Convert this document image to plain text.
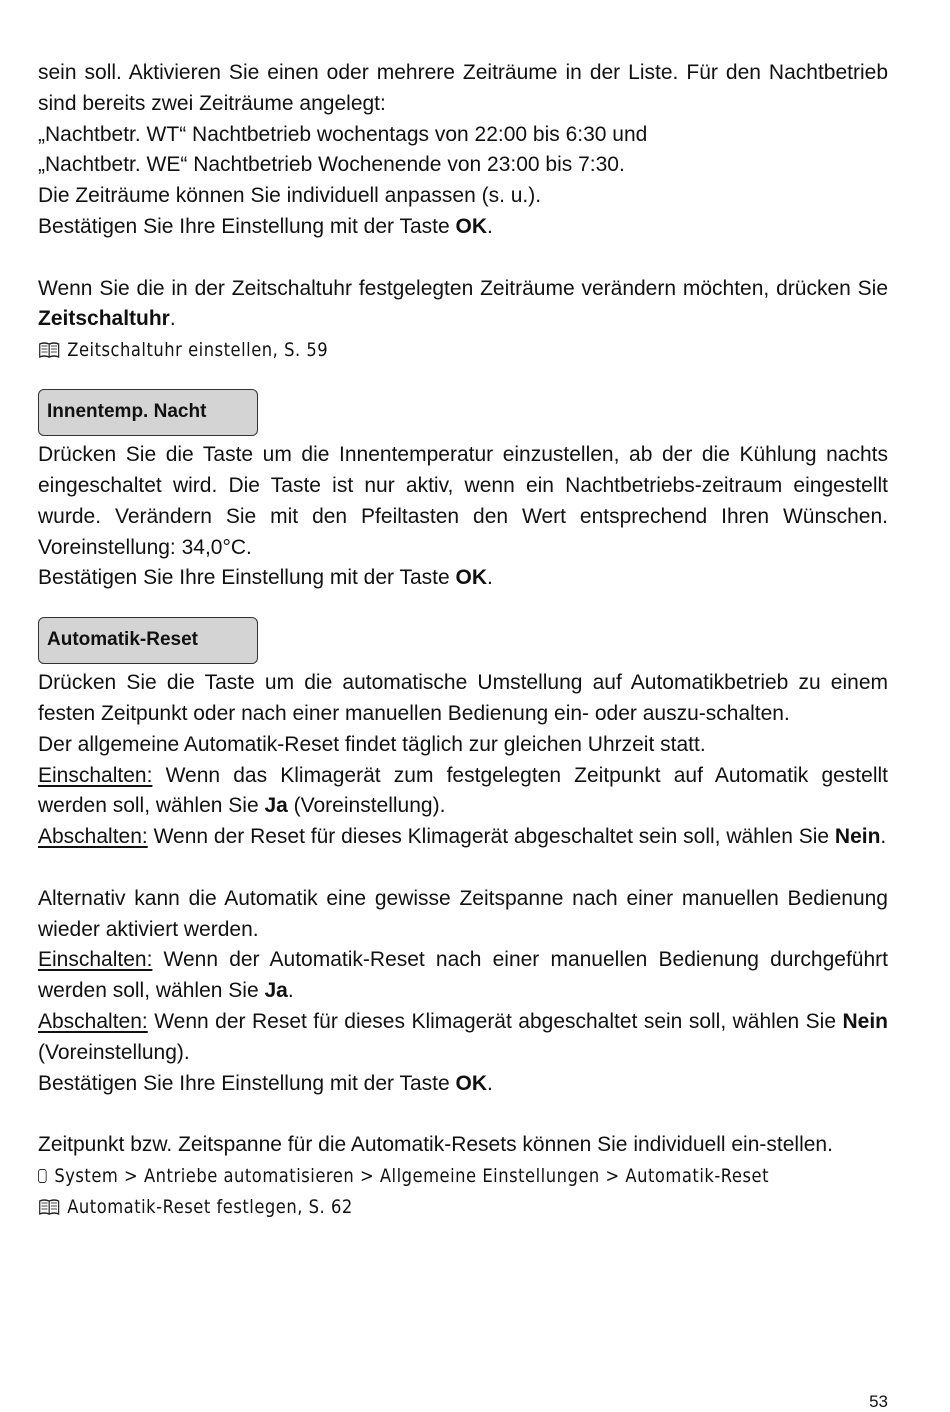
sein soll. Aktivieren Sie einen oder mehrere Zeiträume in der Liste. Für den Nachtbetrieb sind bereits zwei Zeiträume angelegt:

„Nachtbetr. WT“ Nachtbetrieb wochentags von 22:00 bis 6:30 und

„Nachtbetr. WE“ Nachtbetrieb Wochenende von 23:00 bis 7:30.

Die Zeiträume können Sie individuell anpassen (s. u.).

Bestätigen Sie Ihre Einstellung mit der Taste OK.

Wenn Sie die in der Zeitschaltuhr festgelegten Zeiträume verändern möchten, drücken Sie Zeitschaltuhr.

Zeitschaltuhr einstellen, S. 59
Innentemp. Nacht

Drücken Sie die Taste um die Innentemperatur einzustellen, ab der die Kühlung nachts eingeschaltet wird. Die Taste ist nur aktiv, wenn ein Nachtbetriebs-zeitraum eingestellt wurde. Verändern Sie mit den Pfeiltasten den Wert entsprechend Ihren Wünschen. Voreinstellung: 34,0°C.

Bestätigen Sie Ihre Einstellung mit der Taste OK.

Automatik-Reset

Drücken Sie die Taste um die automatische Umstellung auf Automatikbetrieb zu einem festen Zeitpunkt oder nach einer manuellen Bedienung ein- oder auszu-schalten.

Der allgemeine Automatik-Reset findet täglich zur gleichen Uhrzeit statt.

Einschalten: Wenn das Klimagerät zum festgelegten Zeitpunkt auf Automatik gestellt werden soll, wählen Sie Ja (Voreinstellung).

Abschalten: Wenn der Reset für dieses Klimagerät abgeschaltet sein soll, wählen Sie Nein.

Alternativ kann die Automatik eine gewisse Zeitspanne nach einer manuellen Bedienung wieder aktiviert werden.

Einschalten: Wenn der Automatik-Reset nach einer manuellen Bedienung durchgeführt werden soll, wählen Sie Ja.

Abschalten: Wenn der Reset für dieses Klimagerät abgeschaltet sein soll, wählen Sie Nein (Voreinstellung).

Bestätigen Sie Ihre Einstellung mit der Taste OK.

Zeitpunkt bzw. Zeitspanne für die Automatik-Resets können Sie individuell ein-stellen.

System > Antriebe automatisieren > Allgemeine Einstellungen > Automatik-Reset
Automatik-Reset festlegen, S. 62
53
